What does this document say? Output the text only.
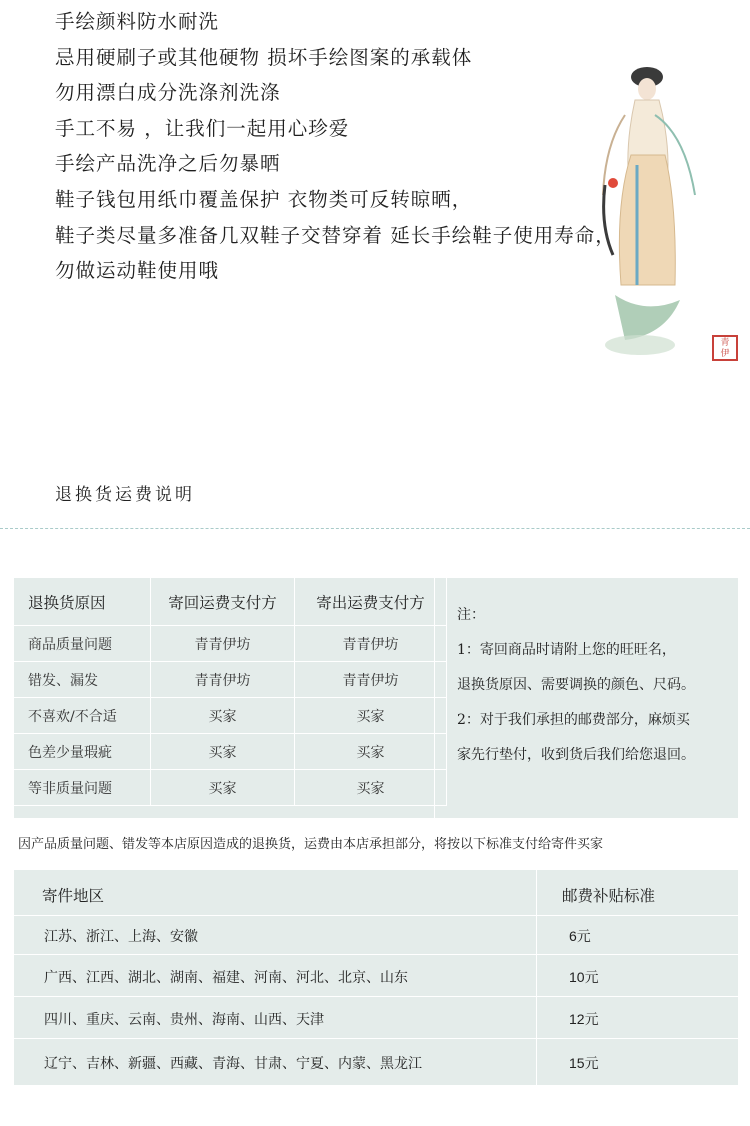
手绘颜料防水耐洗
忌用硬刷子或其他硬物 损坏手绘图案的承载体
勿用漂白成分洗涤剂洗涤
手工不易 ，让我们一起用心珍爱
手绘产品洗净之后勿暴晒
鞋子钱包用纸巾覆盖保护 衣物类可反转晾晒，
鞋子类尽量多准备几双鞋子交替穿着 延长手绘鞋子使用寿命，
勿做运动鞋使用哦
青
伊
退换货运费说明
退换货原因	寄回运费支付方	寄出运费支付方
商品质量问题	青青伊坊	青青伊坊
错发、漏发	青青伊坊	青青伊坊
不喜欢/不合适	买家	买家
色差少量瑕疵	买家	买家
等非质量问题	买家	买家
注：
1：寄回商品时请附上您的旺旺名，
退换货原因、需要调换的颜色、尺码。
2：对于我们承担的邮费部分，麻烦买
家先行垫付，收到货后我们给您退回。
因产品质量问题、错发等本店原因造成的退换货，运费由本店承担部分，将按以下标准支付给寄件买家
寄件地区	邮费补贴标准
江苏、浙江、上海、安徽	6元
广西、江西、湖北、湖南、福建、河南、河北、北京、山东	10元
四川、重庆、云南、贵州、海南、山西、天津	12元
辽宁、吉林、新疆、西藏、青海、甘肃、宁夏、内蒙、黑龙江	15元
